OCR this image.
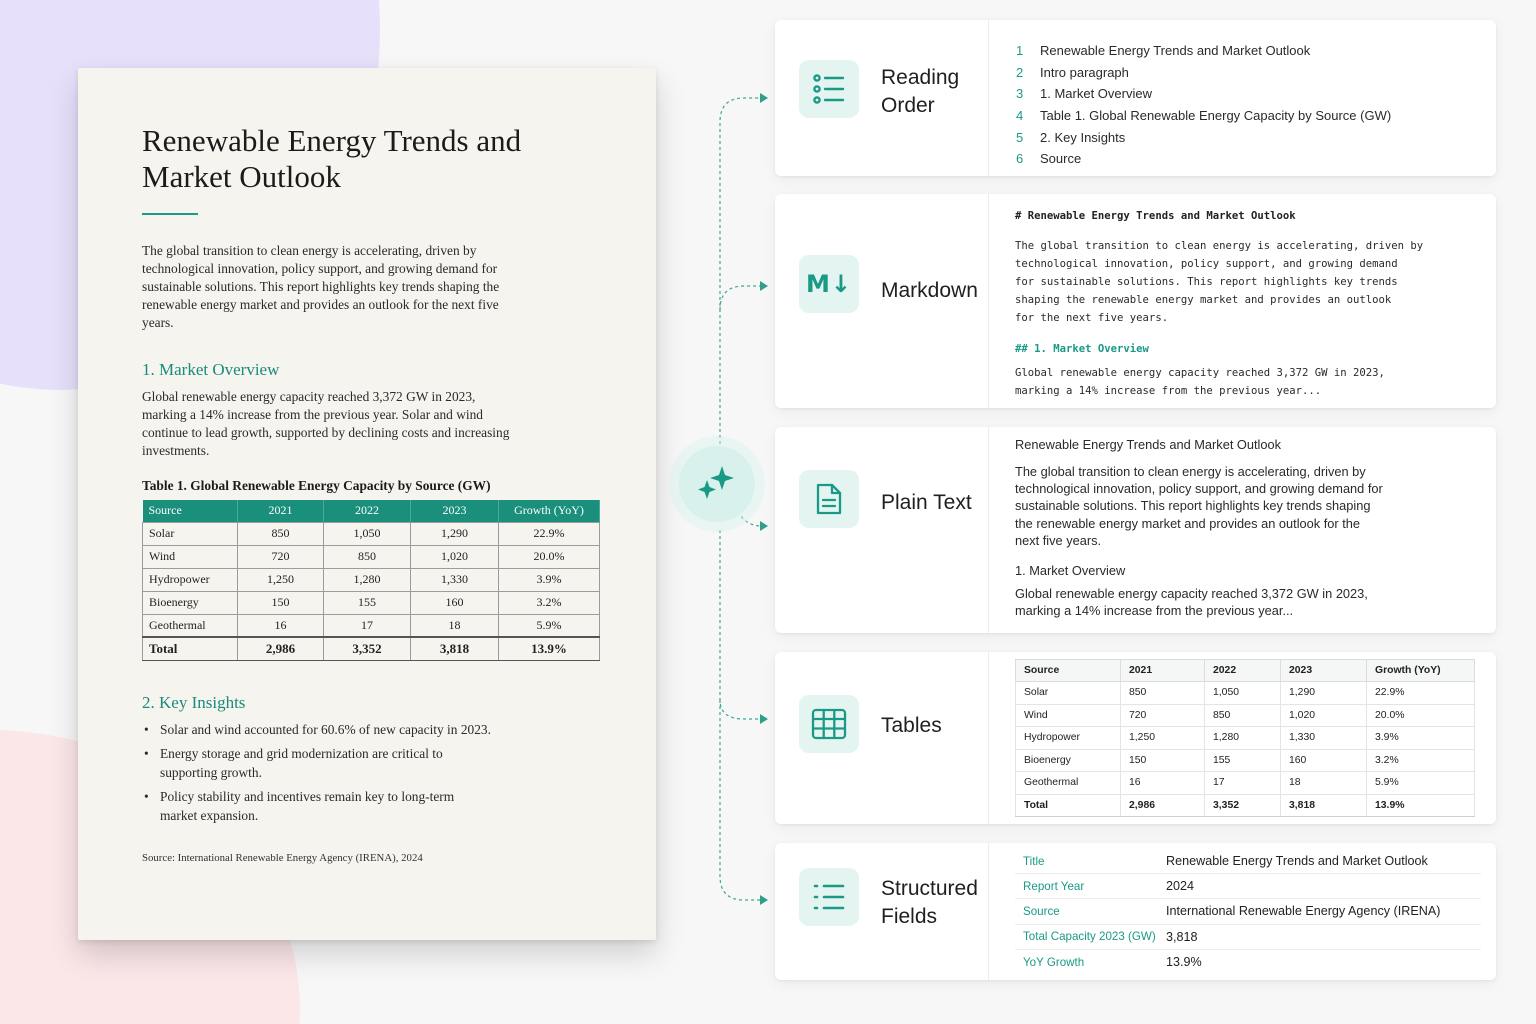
Renewable Energy Trends and Market Outlook
The global transition to clean energy is accelerating, driven by technological innovation, policy support, and growing demand for sustainable solutions. This report highlights key trends shaping the renewable energy market and provides an outlook for the next five years.
1. Market Overview
Global renewable energy capacity reached 3,372 GW in 2023, marking a 14% increase from the previous year. Solar and wind continue to lead growth, supported by declining costs and increasing investments.
Table 1. Global Renewable Energy Capacity by Source (GW)
Source	2021	2022	2023	Growth (YoY)
Solar	850	1,050	1,290	22.9%
Wind	720	850	1,020	20.0%
Hydropower	1,250	1,280	1,330	3.9%
Bioenergy	150	155	160	3.2%
Geothermal	16	17	18	5.9%
Total	2,986	3,352	3,818	13.9%
2. Key Insights
• Solar and wind accounted for 60.6% of new capacity in 2023.
• Energy storage and grid modernization are critical to supporting growth.
• Policy stability and incentives remain key to long-term market expansion.
Source: International Renewable Energy Agency (IRENA), 2024
Reading Order
1	Renewable Energy Trends and Market Outlook
2	Intro paragraph
3	1. Market Overview
4	Table 1. Global Renewable Energy Capacity by Source (GW)
5	2. Key Insights
6	Source
M↓ Markdown
# Renewable Energy Trends and Market Outlook
The global transition to clean energy is accelerating, driven by
technological innovation, policy support, and growing demand
for sustainable solutions. This report highlights key trends
shaping the renewable energy market and provides an outlook
for the next five years.
## 1. Market Overview
Global renewable energy capacity reached 3,372 GW in 2023,
marking a 14% increase from the previous year...
Plain Text
Renewable Energy Trends and Market Outlook
The global transition to clean energy is accelerating, driven by
technological innovation, policy support, and growing demand for
sustainable solutions. This report highlights key trends shaping
the renewable energy market and provides an outlook for the
next five years.
1. Market Overview
Global renewable energy capacity reached 3,372 GW in 2023,
marking a 14% increase from the previous year...
Tables
Source	2021	2022	2023	Growth (YoY)
Solar	850	1,050	1,290	22.9%
Wind	720	850	1,020	20.0%
Hydropower	1,250	1,280	1,330	3.9%
Bioenergy	150	155	160	3.2%
Geothermal	16	17	18	5.9%
Total	2,986	3,352	3,818	13.9%
Structured Fields
Title	Renewable Energy Trends and Market Outlook
Report Year	2024
Source	International Renewable Energy Agency (IRENA)
Total Capacity 2023 (GW) 3,818
YoY Growth	13.9%
